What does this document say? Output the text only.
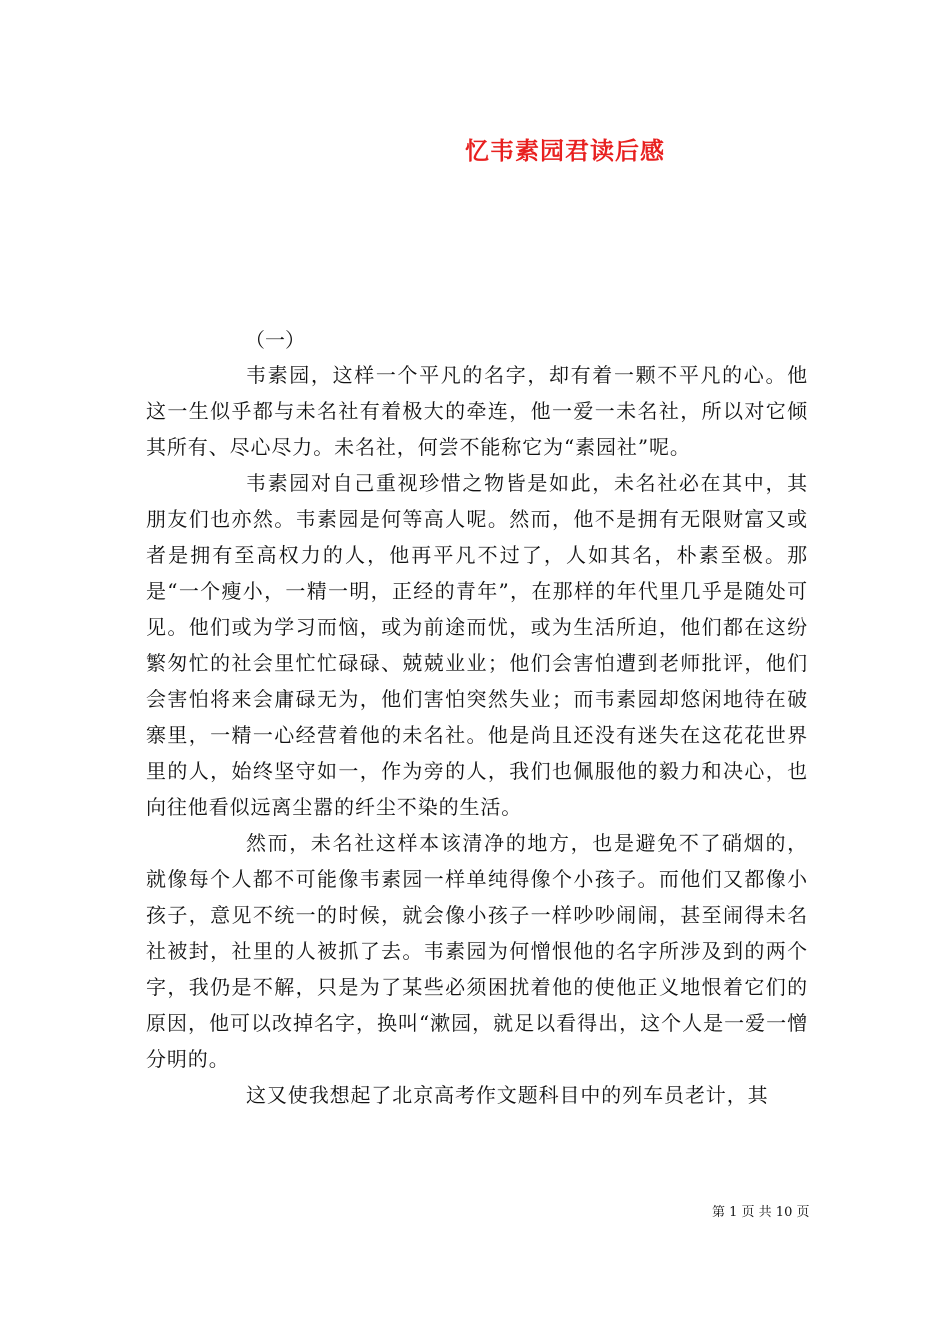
忆韦素园君读后感
（一）

韦素园，这样一个平凡的名字，却有着一颗不平凡的心。他这一生似乎都与未名社有着极大的牵连，他一爱一未名社，所以对它倾其所有、尽心尽力。未名社，何尝不能称它为“素园社”呢。

韦素园对自己重视珍惜之物皆是如此，未名社必在其中，其朋友们也亦然。韦素园是何等高人呢。然而，他不是拥有无限财富又或者是拥有至高权力的人，他再平凡不过了，人如其名，朴素至极。那是“一个瘦小，一精一明，正经的青年”，在那样的年代里几乎是随处可见。他们或为学习而恼，或为前途而忧，或为生活所迫，他们都在这纷繁匆忙的社会里忙忙碌碌、兢兢业业；他们会害怕遭到老师批评，他们会害怕将来会庸碌无为，他们害怕突然失业；而韦素园却悠闲地待在破寨里，一精一心经营着他的未名社。他是尚且还没有迷失在这花花世界里的人，始终坚守如一，作为旁的人，我们也佩服他的毅力和决心，也向往他看似远离尘嚣的纤尘不染的生活。

然而，未名社这样本该清净的地方，也是避免不了硝烟的，就像每个人都不可能像韦素园一样单纯得像个小孩子。而他们又都像小孩子，意见不统一的时候，就会像小孩子一样吵吵闹闹，甚至闹得未名社被封，社里的人被抓了去。韦素园为何憎恨他的名字所涉及到的两个字，我仍是不解，只是为了某些必须困扰着他的使他正义地恨着它们的原因，他可以改掉名字，换叫“漱园，就足以看得出，这个人是一爱一憎分明的。

这又使我想起了北京高考作文题科目中的列车员老计，其

第 1 页 共 10 页
